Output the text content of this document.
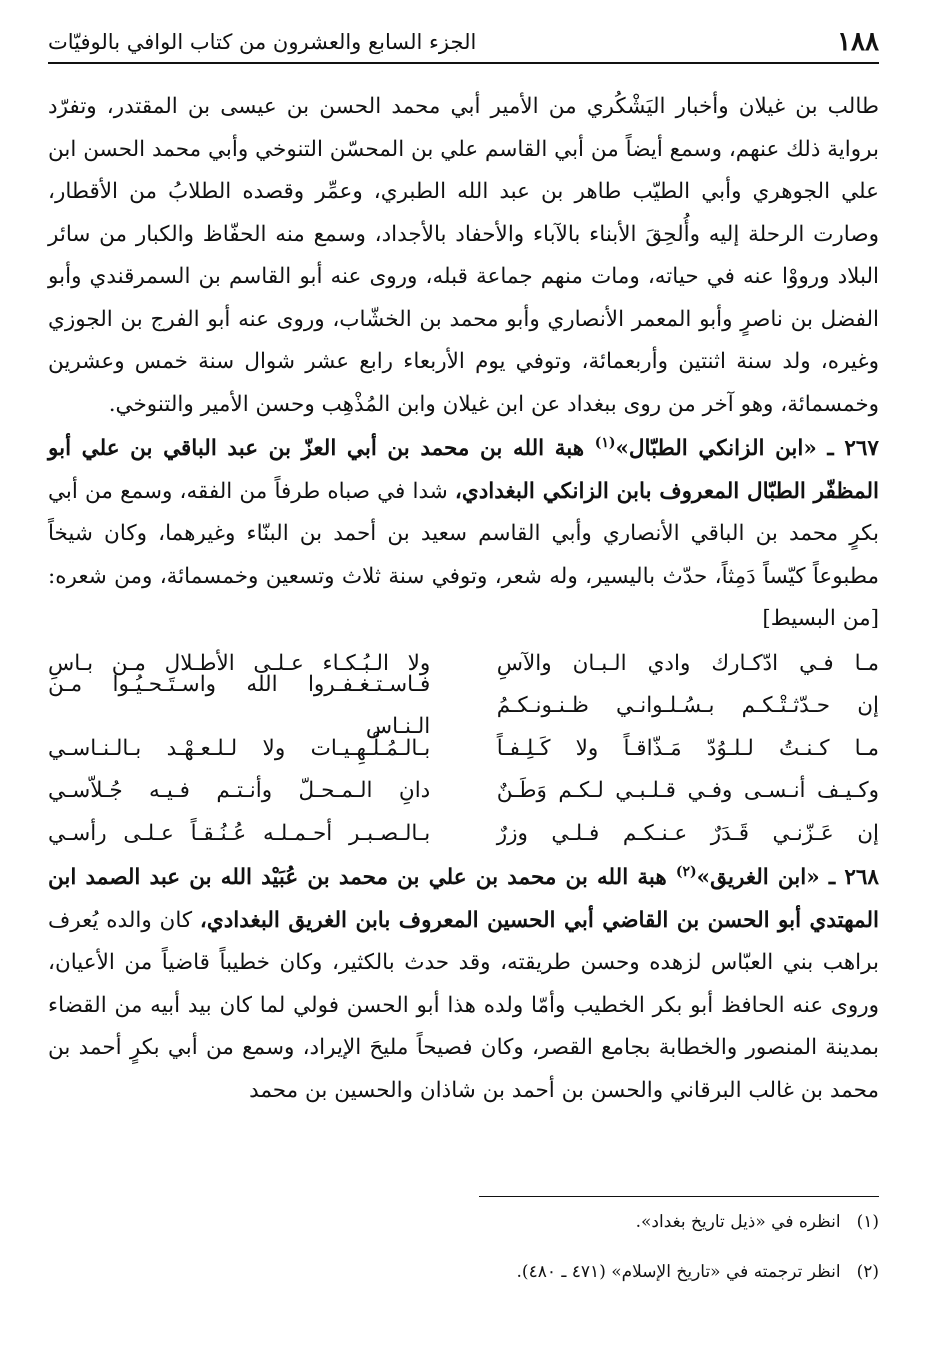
١٨٨
الجزء السابع والعشرون من كتاب الوافي بالوفيّات

طالب بن غيلان وأخبار اليَشْكُري من الأمير أبي محمد الحسن بن عيسى بن المقتدر، وتفرّد برواية ذلك عنهم، وسمع أيضاً من أبي القاسم علي بن المحسّن التنوخي وأبي محمد الحسن ابن علي الجوهري وأبي الطيّب طاهر بن عبد الله الطبري، وعمِّر وقصده الطلابُ من الأقطار، وصارت الرحلة إليه وأُلحِقَ الأبناء بالآباء والأحفاد بالأجداد، وسمع منه الحفّاظ والكبار من سائر البلاد ورووْا عنه في حياته، ومات منهم جماعة قبله، وروى عنه أبو القاسم بن السمرقندي وأبو الفضل بن ناصرٍ وأبو المعمر الأنصاري وأبو محمد بن الخشّاب، وروى عنه أبو الفرج بن الجوزي وغيره، ولد سنة اثنتين وأربعمائة، وتوفي يوم الأربعاء رابع عشر شوال سنة خمس وعشرين وخمسمائة، وهو آخر من روى ببغداد عن ابن غيلان وابن المُذْهِب وحسن الأمير والتنوخي.

٢٦٧ ـ «ابن الزانكي الطبّال»$^{(١)}$ هبة الله بن محمد بن أبي العزّ بن عبد الباقي بن علي أبو المظفّر الطبّال المعروف بابن الزانكي البغدادي، شدا في صباه طرفاً من الفقه، وسمع من أبي بكرٍ محمد بن الباقي الأنصاري وأبي القاسم سعيد بن أحمد بن البنّاء وغيرهما، وكان شيخاً مطبوعاً كيّساً دَمِثاً، حدّث باليسير، وله شعر، وتوفي سنة ثلاث وتسعين وخمسمائة، ومن شعره: [من البسيط]

مـا فـي ادّكـارك وادي الـبـان والآسِ
ولا الـبُـكـاء عـلـى الأطـلال مـن بـاسِ
إن حـدّثـتْـكـم بـسُـلـوانـي ظـنـونـكـمُ
فـاسـتـغـفـروا الله واسـتَـحـيُـوا مـن الـنـاس
مـا كـنـتُ لـلـوُدّ مَـذّاقـاً ولا كَـلِـفـاً
بـالـمُـلْـهِـيـات ولا لـلـعـهْـد بـالـنـاسـي
وكـيـف أنـسـى وفـي قـلـبـي لـكـم وَطَـنٌ
دانِ الـمـحـلّ وأنـتـم فـيـه جُـلاّسـي
إن عَـزّنـي قَـدَرٌ عـنـكـم فـلـي وزرٌ
بـالـصـبـر أحـمـلـه عُـنُـقـاً عـلـى رأسـي

٢٦٨ ـ «ابن الغريق»$^{(٢)}$ هبة الله بن محمد بن علي بن محمد بن عُبَيْد الله بن عبد الصمد ابن المهتدي أبو الحسن بن القاضي أبي الحسين المعروف بابن الغريق البغدادي، كان والده يُعرف براهب بني العبّاس لزهده وحسن طريقته، وقد حدث بالكثير، وكان خطيباً قاضياً من الأعيان، وروى عنه الحافظ أبو بكر الخطيب وأمّا ولده هذا أبو الحسن فولي لما كان بيد أبيه من القضاء بمدينة المنصور والخطابة بجامع القصر، وكان فصيحاً مليحَ الإيراد، وسمع من أبي بكرٍ أحمد بن محمد بن غالب البرقاني والحسن بن أحمد بن شاذان والحسين بن محمد

(١)
انظره في «ذيل تاريخ بغداد».

(٢)
انظر ترجمته في «تاريخ الإسلام» (٤٧١ ـ ٤٨٠).
